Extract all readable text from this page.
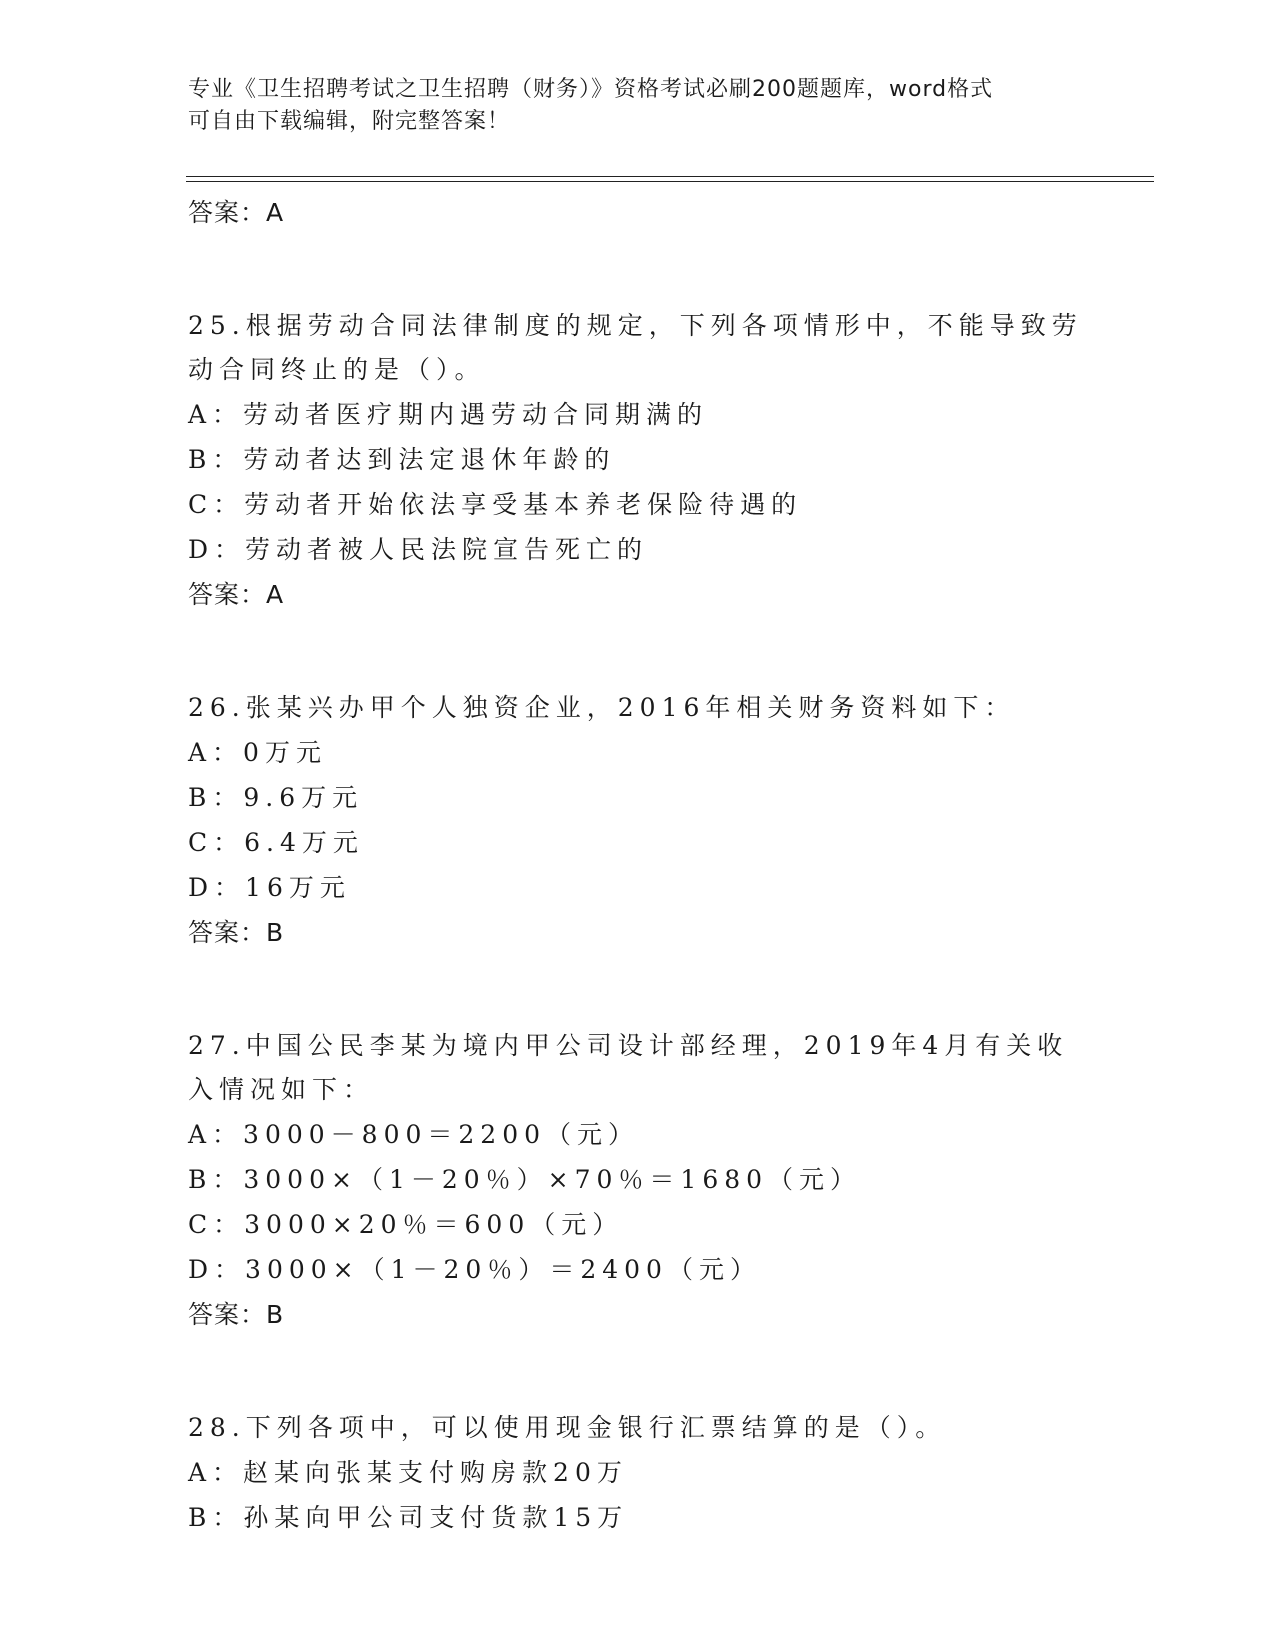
专业《卫生招聘考试之卫生招聘（财务）》资格考试必刷200题题库，word格式
可自由下载编辑，附完整答案！

答案：A

25.根据劳动合同法律制度的规定，下列各项情形中，不能导致劳动合同终止的是（）。

A：劳动者医疗期内遇劳动合同期满的

B：劳动者达到法定退休年龄的

C：劳动者开始依法享受基本养老保险待遇的

D：劳动者被人民法院宣告死亡的

答案：A

26.张某兴办甲个人独资企业，2016年相关财务资料如下：

A：0万元

B：9.6万元

C：6.4万元

D：16万元

答案：B

27.中国公民李某为境内甲公司设计部经理，2019年4月有关收入情况如下：

A：3000－800＝2200（元）

B：3000×（1－20％）×70％＝1680（元）

C：3000×20％＝600（元）

D：3000×（1－20％）＝2400（元）

答案：B

28.下列各项中，可以使用现金银行汇票结算的是（）。

A：赵某向张某支付购房款20万

B：孙某向甲公司支付货款15万
